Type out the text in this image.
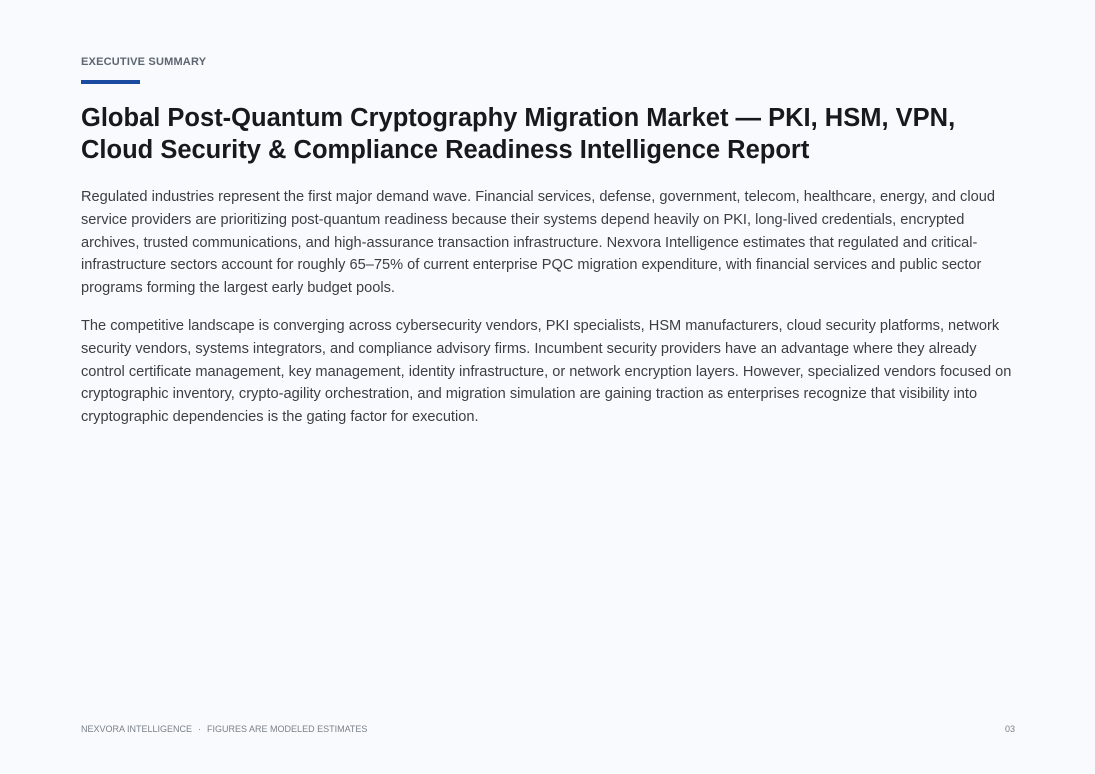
EXECUTIVE SUMMARY
Global Post-Quantum Cryptography Migration Market — PKI, HSM, VPN, Cloud Security & Compliance Readiness Intelligence Report

Regulated industries represent the first major demand wave. Financial services, defense, government, telecom, healthcare, energy, and cloud service providers are prioritizing post-quantum readiness because their systems depend heavily on PKI, long-lived credentials, encrypted archives, trusted communications, and high-assurance transaction infrastructure. Nexvora Intelligence estimates that regulated and critical-infrastructure sectors account for roughly 65–75% of current enterprise PQC migration expenditure, with financial services and public sector programs forming the largest early budget pools.

The competitive landscape is converging across cybersecurity vendors, PKI specialists, HSM manufacturers, cloud security platforms, network security vendors, systems integrators, and compliance advisory firms. Incumbent security providers have an advantage where they already control certificate management, key management, identity infrastructure, or network encryption layers. However, specialized vendors focused on cryptographic inventory, crypto-agility orchestration, and migration simulation are gaining traction as enterprises recognize that visibility into cryptographic dependencies is the gating factor for execution.

NEXVORA INTELLIGENCE · FIGURES ARE MODELED ESTIMATES	03
